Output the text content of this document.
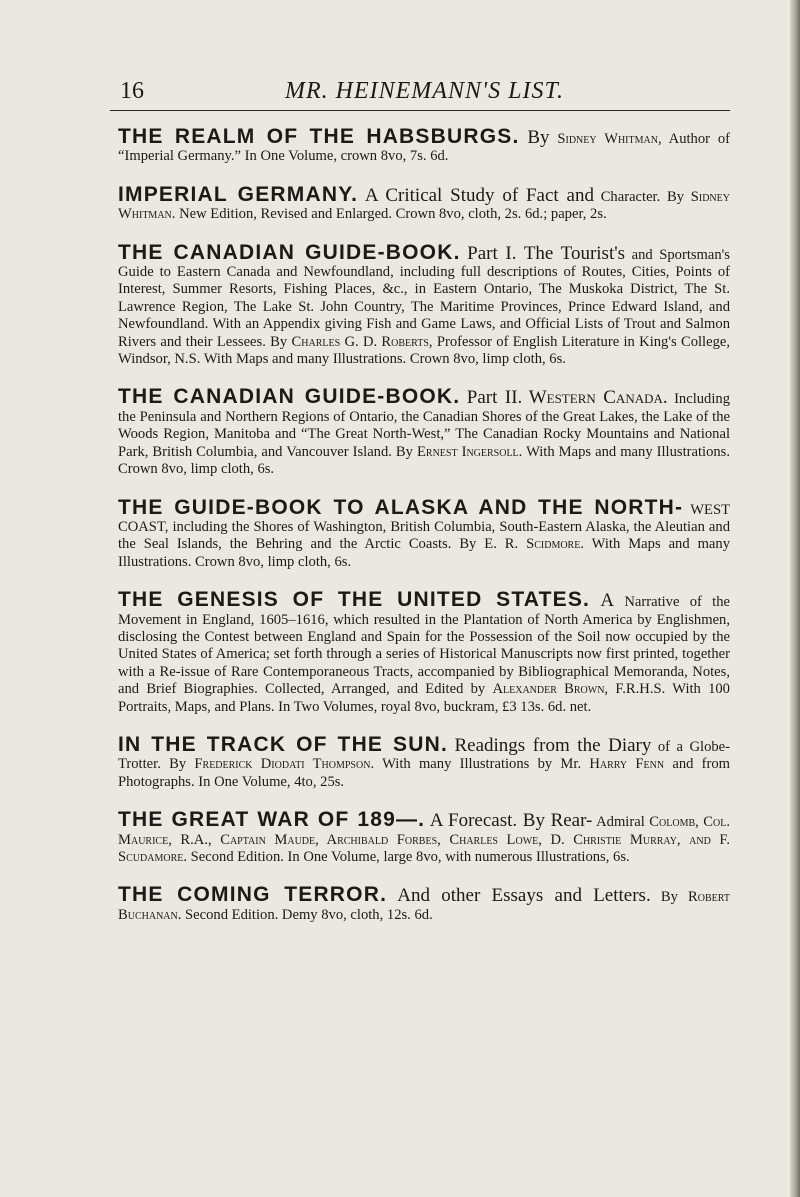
16	MR. HEINEMANN'S LIST.

THE REALM OF THE HABSBURGS. By Sidney Whitman, Author of “Imperial Germany.” In One Volume, crown 8vo, 7s. 6d.

IMPERIAL GERMANY. A Critical Study of Fact and Character. By Sidney Whitman. New Edition, Revised and Enlarged. Crown 8vo, cloth, 2s. 6d.; paper, 2s.

THE CANADIAN GUIDE-BOOK. Part I. The Tourist's and Sportsman's Guide to Eastern Canada and Newfoundland, including full descriptions of Routes, Cities, Points of Interest, Summer Resorts, Fishing Places, &c., in Eastern Ontario, The Muskoka District, The St. Lawrence Region, The Lake St. John Country, The Maritime Provinces, Prince Edward Island, and Newfoundland. With an Appendix giving Fish and Game Laws, and Official Lists of Trout and Salmon Rivers and their Lessees. By Charles G. D. Roberts, Professor of English Literature in King's College, Windsor, N.S. With Maps and many Illustrations. Crown 8vo, limp cloth, 6s.

THE CANADIAN GUIDE-BOOK. Part II. Western Canada. Including the Peninsula and Northern Regions of Ontario, the Canadian Shores of the Great Lakes, the Lake of the Woods Region, Manitoba and “The Great North-West,” The Canadian Rocky Mountains and National Park, British Columbia, and Vancouver Island. By Ernest Ingersoll. With Maps and many Illustrations. Crown 8vo, limp cloth, 6s.

THE GUIDE-BOOK TO ALASKA AND THE NORTH- WEST COAST, including the Shores of Washington, British Columbia, South-Eastern Alaska, the Aleutian and the Seal Islands, the Behring and the Arctic Coasts. By E. R. Scidmore. With Maps and many Illustrations. Crown 8vo, limp cloth, 6s.

THE GENESIS OF THE UNITED STATES. A Narrative of the Movement in England, 1605–1616, which resulted in the Plantation of North America by Englishmen, disclosing the Contest between England and Spain for the Possession of the Soil now occupied by the United States of America; set forth through a series of Historical Manuscripts now first printed, together with a Re-issue of Rare Contemporaneous Tracts, accompanied by Bibliographical Memoranda, Notes, and Brief Biographies. Collected, Arranged, and Edited by Alexander Brown, F.R.H.S. With 100 Portraits, Maps, and Plans. In Two Volumes, royal 8vo, buckram, £3 13s. 6d. net.

IN THE TRACK OF THE SUN. Readings from the Diary of a Globe-Trotter. By Frederick Diodati Thompson. With many Illustrations by Mr. Harry Fenn and from Photographs. In One Volume, 4to, 25s.

THE GREAT WAR OF 189—. A Forecast. By Rear- Admiral Colomb, Col. Maurice, R.A., Captain Maude, Archibald Forbes, Charles Lowe, D. Christie Murray, and F. Scudamore. Second Edition. In One Volume, large 8vo, with numerous Illustrations, 6s.

THE COMING TERROR. And other Essays and Letters. By Robert Buchanan. Second Edition. Demy 8vo, cloth, 12s. 6d.
